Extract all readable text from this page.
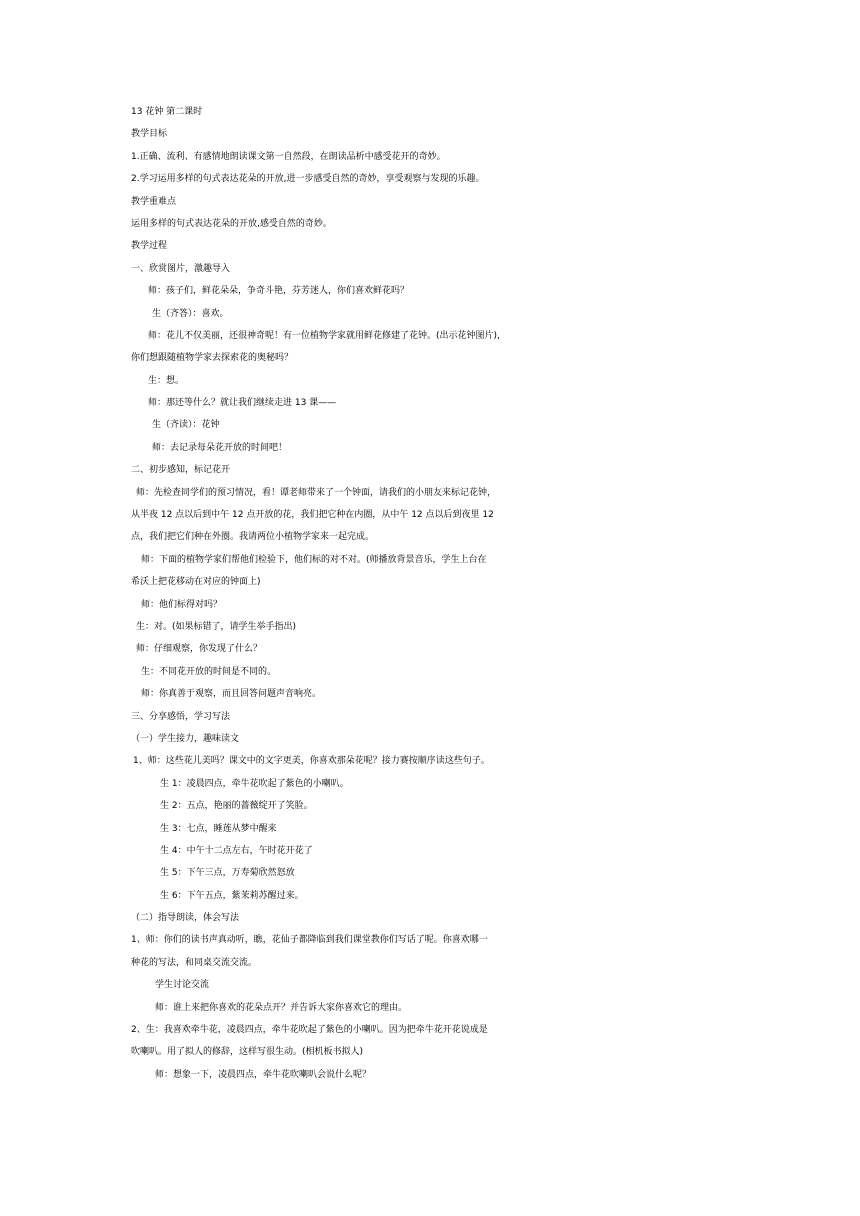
13 花钟 第二课时
教学目标
1.正确、流利、有感情地朗读课文第一自然段，在朗读品析中感受花开的奇妙。
2.学习运用多样的句式表达花朵的开放,进一步感受自然的奇妙，享受观察与发现的乐趣。
教学重难点
运用多样的句式表达花朵的开放,感受自然的奇妙。
教学过程
一、欣赏图片，激趣导入
师：孩子们，鲜花朵朵，争奇斗艳，芬芳迷人，你们喜欢鲜花吗？
生（齐答）：喜欢。
师：花儿不仅美丽，还很神奇呢！有一位植物学家就用鲜花修建了花钟。(出示花钟图片)，
你们想跟随植物学家去探索花的奥秘吗？
生：想。
师：那还等什么？就让我们继续走进 13 课——
生（齐读）：花钟
师：去记录每朵花开放的时间吧！
二、初步感知，标记花开
师：先检查同学们的预习情况，看！谭老师带来了一个钟面，请我们的小朋友来标记花钟，
从半夜 12 点以后到中午 12 点开放的花，我们把它种在内圈，从中午 12 点以后到夜里 12
点，我们把它们种在外圈。我请两位小植物学家来一起完成。
师：下面的植物学家们帮他们检验下，他们标的对不对。(师播放背景音乐，学生上台在
希沃上把花移动在对应的钟面上)
师：他们标得对吗？
生：对。(如果标错了，请学生举手指出)
师：仔细观察，你发现了什么？
生：不同花开放的时间是不同的。
师：你真善于观察，而且回答问题声音响亮。
三、分享感悟，学习写法
（一）学生接力，趣味读文
1、师：这些花儿美吗？课文中的文字更美，你喜欢那朵花呢？接力赛按顺序读这些句子。
生 1：凌晨四点，牵牛花吹起了紫色的小喇叭。
生 2：五点，艳丽的蔷薇绽开了笑脸。
生 3：七点，睡莲从梦中醒来
生 4：中午十二点左右，午时花开花了
生 5：下午三点，万寿菊欣然怒放
生 6：下午五点，紫茉莉苏醒过来。
（二）指导朗读，体会写法
1、师：你们的读书声真动听，瞧，花仙子都降临到我们课堂教你们写话了呢。你喜欢哪一
种花的写法，和同桌交流交流。
学生讨论交流
师：谁上来把你喜欢的花朵点开？并告诉大家你喜欢它的理由。
2、生：我喜欢牵牛花，凌晨四点，牵牛花吹起了紫色的小喇叭。因为把牵牛花开花说成是
吹喇叭。用了拟人的修辞，这样写很生动。(相机板书拟人)
师：想象一下，凌晨四点，牵牛花吹喇叭会说什么呢？
